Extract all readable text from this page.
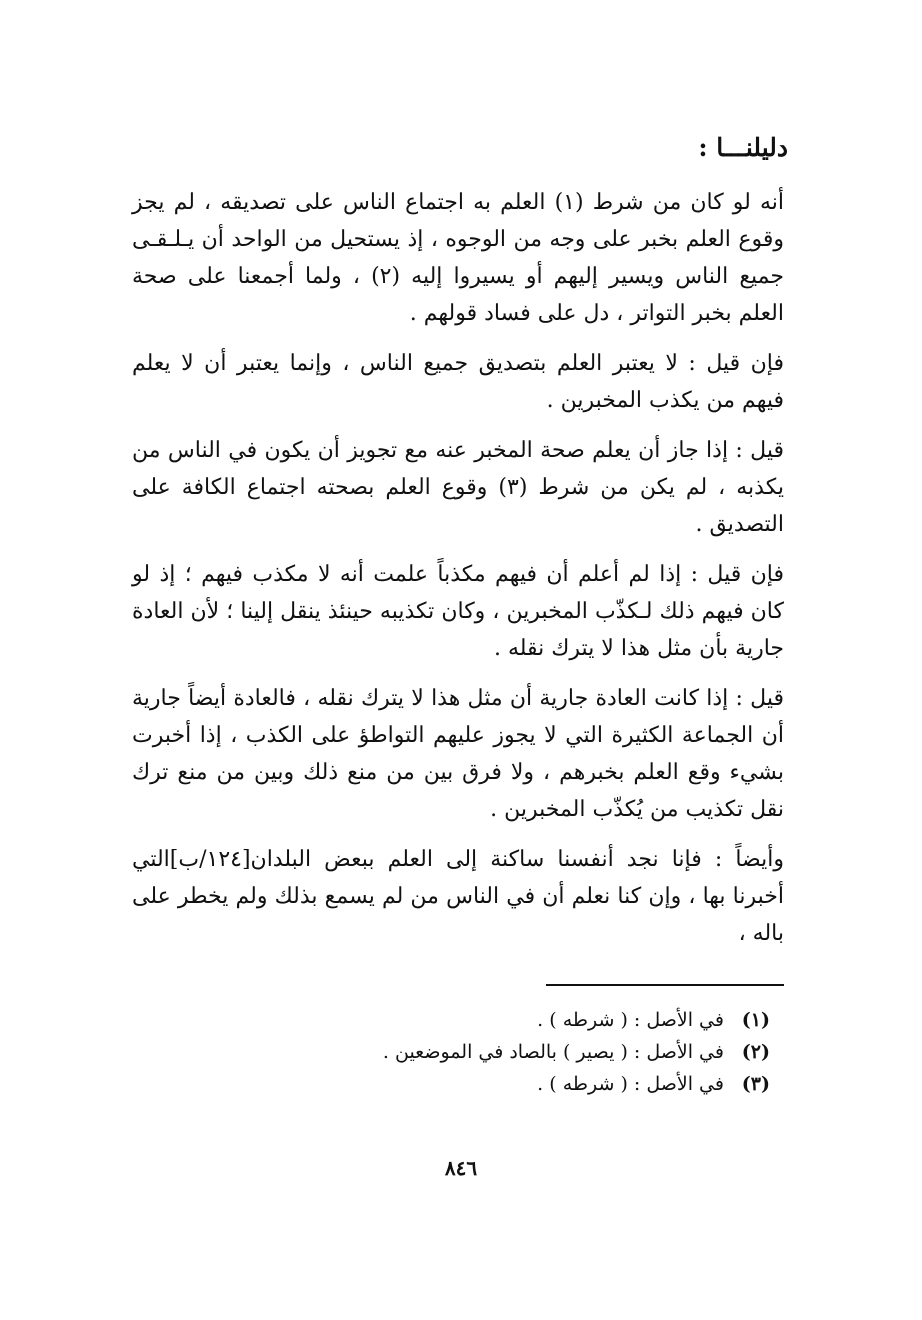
دليلنـــا :
أنه لو كان من شرط (١) العلم به اجتماع الناس على تصديقه ، لم يجز وقوع العلم بخبر على وجه من الوجوه ، إذ يستحيل من الواحد أن يـلـقـى جميع الناس ويسير إليهم أو يسيروا إليه (٢) ، ولما أجمعنا على صحة العلم بخبر التواتر ، دل على فساد قولهم .
فإن قيل : لا يعتبر العلم بتصديق جميع الناس ، وإنما يعتبر أن لا يعلم فيهم من يكذب المخبرين .
قيل : إذا جاز أن يعلم صحة المخبر عنه مع تجويز أن يكون في الناس من يكذبه ، لم يكن من شرط (٣) وقوع العلم بصحته اجتماع الكافة على التصديق .
فإن قيل : إذا لم أعلم أن فيهم مكذباً علمت أنه لا مكذب فيهم ؛ إذ لو كان فيهم ذلك لـكذّب المخبرين ، وكان تكذيبه حينئذ ينقل إلينا ؛ لأن العادة جارية بأن مثل هذا لا يترك نقله .
قيل : إذا كانت العادة جارية أن مثل هذا لا يترك نقله ، فالعادة أيضاً جارية أن الجماعة الكثيرة التي لا يجوز عليهم التواطؤ على الكذب ، إذا أخبرت بشيء وقع العلم بخبرهم ، ولا فرق بين من منع ذلك وبين من منع ترك نقل تكذيب من يُكذّب المخبرين .
وأيضاً : فإنا نجد أنفسنا ساكنة إلى العلم ببعض البلدان[١٢٤/ب]التي أخبرنا بها ، وإن كنا نعلم أن في الناس من لم يسمع بذلك ولم يخطر على باله ،
(١) في الأصل : ( شرطه ) .
(٢) في الأصل : ( يصير ) بالصاد في الموضعين .
(٣) في الأصل : ( شرطه ) .
٨٤٦
